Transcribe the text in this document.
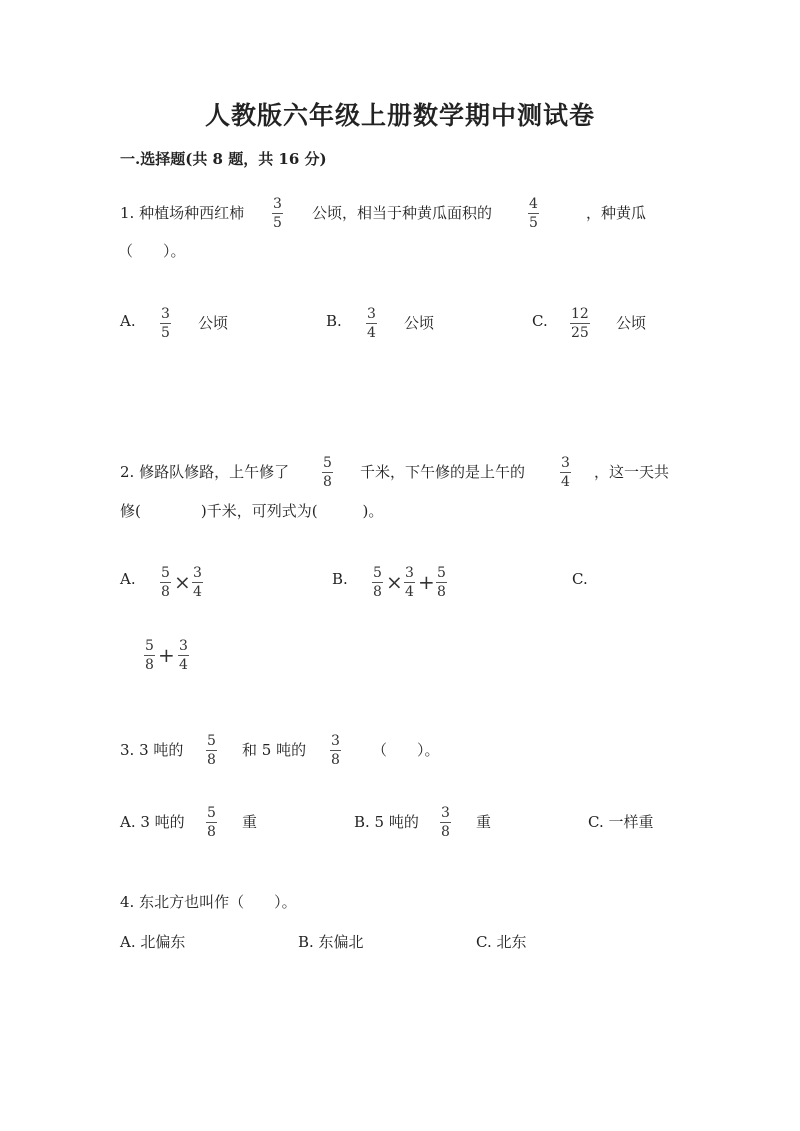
人教版六年级上册数学期中测试卷
一.选择题(共 8 题，共 16 分)
1. 种植场种西红柿 3
5
公顷，相当于种黄瓜面积的	4
5
，种黄瓜
（　　）。
A. 3
5
公顷	B. 3
4
公顷	C. 12
25
公顷
2. 修路队修路，上午修了 5
8
千米，下午修的是上午的	3
4
，这一天共
修(　　　　)千米，可列式为(　　　)。
A. 5
8 × 3
4
B. 5
8 × 3
4 + 5
8
C.
5
8 + 3
4
3. 3 吨的 5
8
和 5 吨的 3
8
（　　）。
A. 3 吨的 5
8
重	B. 5 吨的 3
8
重	C. 一样重
4. 东北方也叫作（　　）。
A. 北偏东	B. 东偏北	C. 北东
